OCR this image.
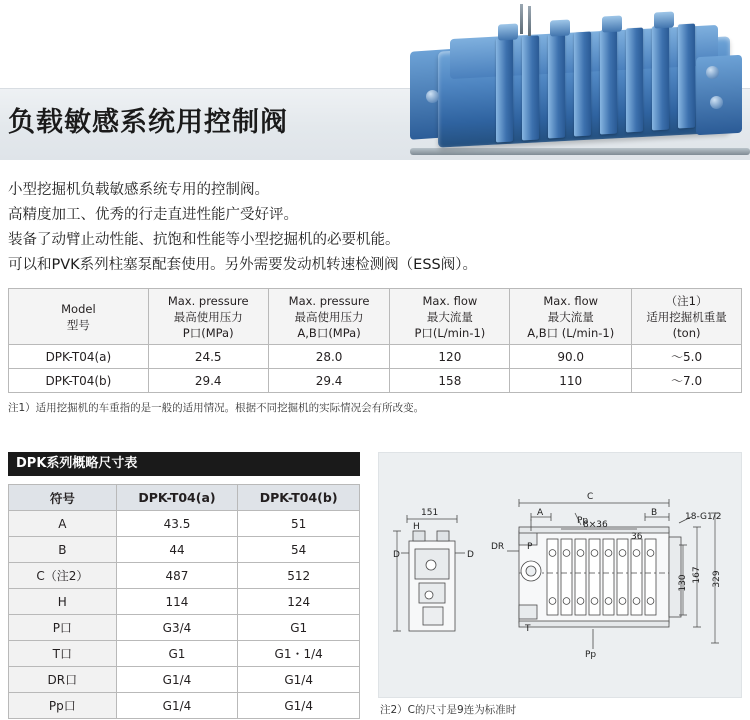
负载敏感系统用控制阀

小型挖掘机负载敏感系统专用的控制阀。

高精度加工、优秀的行走直进性能广受好评。

装备了动臂止动性能、抗饱和性能等小型挖掘机的必要机能。

可以和PVK系列柱塞泵配套使用。另外需要发动机转速检测阀（ESS阀）。

Model
型号

Max. pressure
最高使用压力
P口(MPa)

Max. pressure
最高使用压力
A,B口(MPa)

Max. flow
最大流量
P口(L/min-1)

Max. flow
最大流量
A,B口 (L/min-1)

（注1）
适用挖掘机重量
(ton)

DPK-T04(a)	24.5	28.0	120	90.0	～5.0
DPK-T04(b)	29.4	29.4	158	110	～7.0
注1）适用挖掘机的车重指的是一般的适用情况。根据不同挖掘机的实际情况会有所改变。
DPK系列概略尺寸表
符号	DPK-T04(a)	DPK-T04(b)
A	43.5	51
B	44	54
C（注2）	487	512
H	114	124
P口	G3/4	G1
T口	G1	G1・1/4
DR口	G1/4	G1/4
Pp口	G1/4	G1/4
151
H
D	D
DR	P
C
A	B
8×36
36
Pp
Pp
18-G1/2
T
167
130	329
注2）C的尺寸是9连为标准时
